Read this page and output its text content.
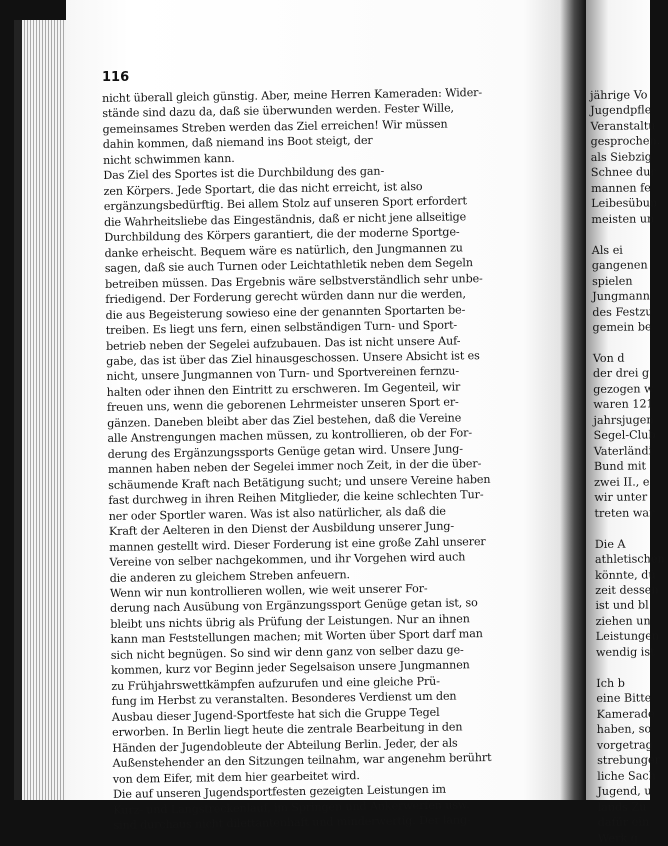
116
nicht überall gleich günstig. Aber, meine Herren Kameraden: Wider-
stände sind dazu da, daß sie überwunden werden. Fester Wille,
gemeinsames Streben werden das Ziel erreichen! Wir müssen
dahin kommen, daß niemand ins Boot steigt, der
nicht schwimmen kann.
Das Ziel des Sportes ist die Durchbildung des gan-
zen Körpers. Jede Sportart, die das nicht erreicht, ist also
ergänzungsbedürftig. Bei allem Stolz auf unseren Sport erfordert
die Wahrheitsliebe das Eingeständnis, daß er nicht jene allseitige
Durchbildung des Körpers garantiert, die der moderne Sportge-
danke erheischt. Bequem wäre es natürlich, den Jungmannen zu
sagen, daß sie auch Turnen oder Leichtathletik neben dem Segeln
betreiben müssen. Das Ergebnis wäre selbstverständlich sehr unbe-
friedigend. Der Forderung gerecht würden dann nur die werden,
die aus Begeisterung sowieso eine der genannten Sportarten be-
treiben. Es liegt uns fern, einen selbständigen Turn- und Sport-
betrieb neben der Segelei aufzubauen. Das ist nicht unsere Auf-
gabe, das ist über das Ziel hinausgeschossen. Unsere Absicht ist es
nicht, unsere Jungmannen von Turn- und Sportvereinen fernzu-
halten oder ihnen den Eintritt zu erschweren. Im Gegenteil, wir
freuen uns, wenn die geborenen Lehrmeister unseren Sport er-
gänzen. Daneben bleibt aber das Ziel bestehen, daß die Vereine
alle Anstrengungen machen müssen, zu kontrollieren, ob der For-
derung des Ergänzungssports Genüge getan wird. Unsere Jung-
mannen haben neben der Segelei immer noch Zeit, in der die über-
schäumende Kraft nach Betätigung sucht; und unsere Vereine haben
fast durchweg in ihren Reihen Mitglieder, die keine schlechten Tur-
ner oder Sportler waren. Was ist also natürlicher, als daß die
Kraft der Aelteren in den Dienst der Ausbildung unserer Jung-
mannen gestellt wird. Dieser Forderung ist eine große Zahl unserer
Vereine von selber nachgekommen, und ihr Vorgehen wird auch
die anderen zu gleichem Streben anfeuern.
Wenn wir nun kontrollieren wollen, wie weit unserer For-
derung nach Ausübung von Ergänzungssport Genüge getan ist, so
bleibt uns nichts übrig als Prüfung der Leistungen. Nur an ihnen
kann man Feststellungen machen; mit Worten über Sport darf man
sich nicht begnügen. So sind wir denn ganz von selber dazu ge-
kommen, kurz vor Beginn jeder Segelsaison unsere Jungmannen
zu Frühjahrswettkämpfen aufzurufen und eine gleiche Prü-
fung im Herbst zu veranstalten. Besonderes Verdienst um den
Ausbau dieser Jugend-Sportfeste hat sich die Gruppe Tegel
erworben. In Berlin liegt heute die zentrale Bearbeitung in den
Händen der Jugendobleute der Abteilung Berlin. Jeder, der als
Außenstehender an den Sitzungen teilnahm, war angenehm berührt
von dem Eifer, mit dem hier gearbeitet wird.
Die auf unseren Jugendsportfesten gezeigten Leistungen im
Kurz- und Langstreckenlauf, im Springen und Ankerwerfen usw.
sind durchaus nicht dilettantenhaft und minderwertig. Der lang-
jährige Vo
Jugendpfle
Veranstaltu
gesprochen.
als Siebzig
Schnee dur
mannen fe
Leibesübun
meisten un
Als ei
gangenen
spielen
Jungmann
des Festzu
gemein be
Von d
der drei g
gezogen w
waren 121
jahrsjugen
Segel-Club
Vaterländi
Bund mit
zwei II., e
wir unter
treten war
Die A
athletischen
könnte, dü
zeit dessen
ist und bl
ziehen un
Leistungen
wendig ist
Ich b
eine Bitte
Kamerade
haben, so
vorgetrag
strebunger
liche Sach
Jugend, u
lands Zu
dafür ein
Werk g
